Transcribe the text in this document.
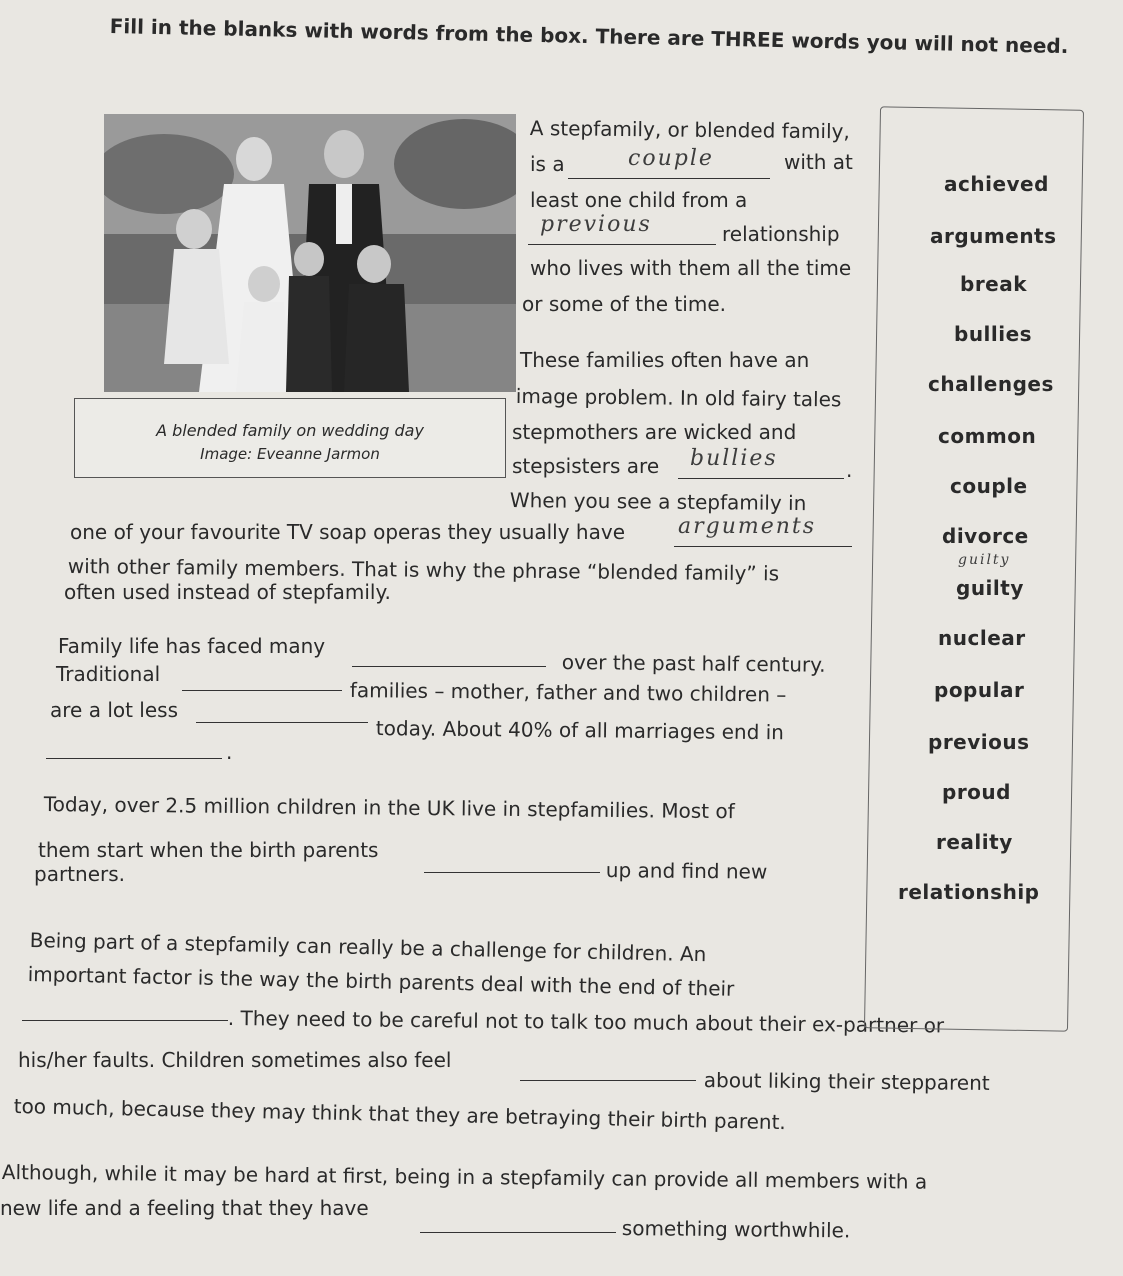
Fill in the blanks with words from the box. There are THREE words you will not need.
A blended family on wedding day
Image: Eveanne Jarmon
A stepfamily, or blended family,
is a	couple	with at
least one child from a
previous	relationship
who lives with them all the time
or some of the time.
These families often have an
image problem. In old fairy tales
stepmothers are wicked and
stepsisters are bullies	.
When you see a stepfamily in
one of your favourite TV soap operas they usually have arguments
with other family members. That is why the phrase “blended family” is
often used instead of stepfamily.
Family life has faced many
over the past half century.
Traditional
families – mother, father and two children –
are a lot less
today. About 40% of all marriages end in
.
Today, over 2.5 million children in the UK live in stepfamilies. Most of
them start when the birth parents
up and find new
partners.
Being part of a stepfamily can really be a challenge for children. An
important factor is the way the birth parents deal with the end of their
. They need to be careful not to talk too much about their ex-partner or
his/her faults. Children sometimes also feel
about liking their stepparent
too much, because they may think that they are betraying their birth parent.
Although, while it may be hard at first, being in a stepfamily can provide all members with a
new life and a feeling that they have
something worthwhile.
achieved
arguments
break
bullies
challenges
common
couple
divorce
guilty
nuclear
popular
previous
proud
reality
relationship
guilty
